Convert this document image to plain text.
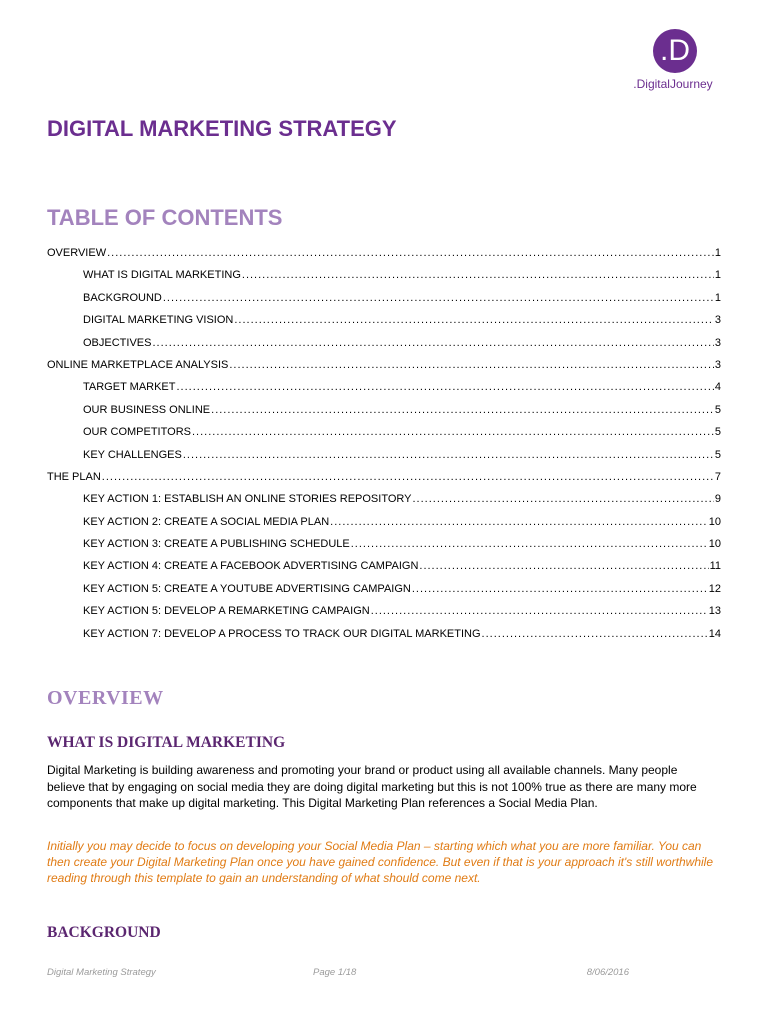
.D
.DigitalJourney
DIGITAL MARKETING STRATEGY
TABLE OF CONTENTS
OVERVIEW .....	1
WHAT IS DIGITAL MARKETING .....	1
BACKGROUND .....	1
DIGITAL MARKETING VISION .....	3
OBJECTIVES .....	3
ONLINE MARKETPLACE ANALYSIS .....	3
TARGET MARKET .....	4
OUR BUSINESS ONLINE .....	5
OUR COMPETITORS .....	5
KEY CHALLENGES .....	5
THE PLAN .....	7
KEY ACTION 1: ESTABLISH AN ONLINE STORIES REPOSITORY .....	9
KEY ACTION 2: CREATE A SOCIAL MEDIA PLAN .....	10
KEY ACTION 3: CREATE A PUBLISHING SCHEDULE .....	10
KEY ACTION 4: CREATE A FACEBOOK ADVERTISING CAMPAIGN .....	11
KEY ACTION 5: CREATE A YOUTUBE ADVERTISING CAMPAIGN .....	12
KEY ACTION 5: DEVELOP A REMARKETING CAMPAIGN .....	13
KEY ACTION 7: DEVELOP A PROCESS TO TRACK OUR DIGITAL MARKETING .....	14
OVERVIEW
WHAT IS DIGITAL MARKETING

Digital Marketing is building awareness and promoting your brand or product using all available channels. Many people believe that by engaging on social media they are doing digital marketing but this is not 100% true as there are many more components that make up digital marketing. This Digital Marketing Plan references a Social Media Plan.

Initially you may decide to focus on developing your Social Media Plan – starting which what you are more familiar. You can then create your Digital Marketing Plan once you have gained confidence. But even if that is your approach it's still worthwhile reading through this template to gain an understanding of what should come next.

BACKGROUND
Digital Marketing Strategy	Page 1/18	8/06/2016
